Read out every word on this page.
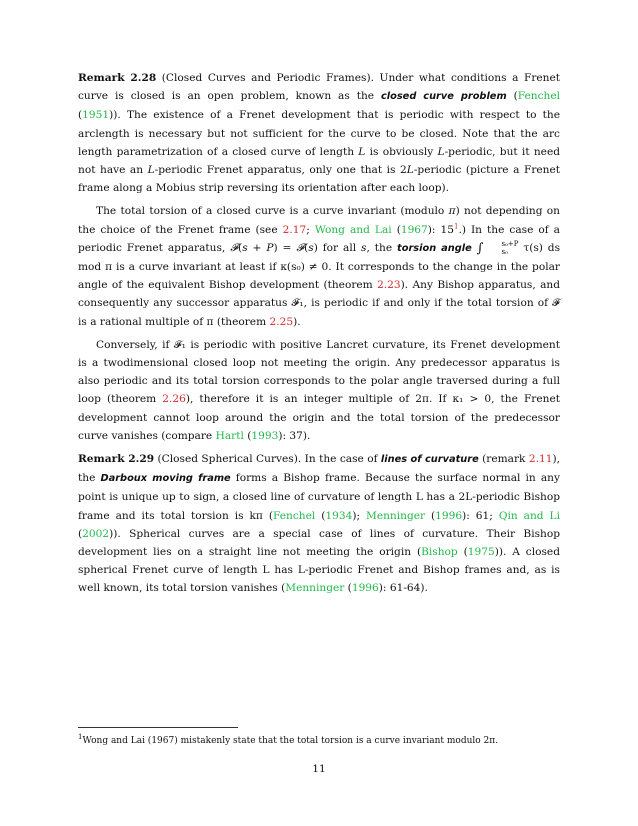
Remark 2.28 (Closed Curves and Periodic Frames). Under what conditions a Frenet curve is closed is an open problem, known as the closed curve problem (Fenchel (1951)). The existence of a Frenet development that is periodic with respect to the arclength is necessary but not sufficient for the curve to be closed. Note that the arc length parametrization of a closed curve of length L is obviously L-periodic, but it need not have an L-periodic Frenet apparatus, only one that is 2L-periodic (picture a Frenet frame along a Mobius strip reversing its orientation after each loop).

The total torsion of a closed curve is a curve invariant (modulo π) not depending on the choice of the Frenet frame (see 2.17; Wong and Lai (1967): 15$^1$.) In the case of a periodic Frenet apparatus, 𝓕(s + P) = 𝓕(s) for all s, the torsion angle ∫	s₀+P
s₀ τ(s) ds mod π is a curve invariant at least if κ(s₀) ≠ 0. It corresponds to the change in the polar angle of the equivalent Bishop development (theorem 2.23). Any Bishop apparatus, and consequently any successor apparatus 𝓕₁, is periodic if and only if the total torsion of 𝓕 is a rational multiple of π (theorem 2.25).

Conversely, if 𝓕₁ is periodic with positive Lancret curvature, its Frenet development is a twodimensional closed loop not meeting the origin. Any predecessor apparatus is also periodic and its total torsion corresponds to the polar angle traversed during a full loop (theorem 2.26), therefore it is an integer multiple of 2π. If κ₁ > 0, the Frenet development cannot loop around the origin and the total torsion of the predecessor curve vanishes (compare Hartl (1993): 37).

Remark 2.29 (Closed Spherical Curves). In the case of lines of curvature (remark 2.11), the Darboux moving frame forms a Bishop frame. Because the surface normal in any point is unique up to sign, a closed line of curvature of length L has a 2L-periodic Bishop frame and its total torsion is kπ (Fenchel (1934); Menninger (1996): 61; Qin and Li (2002)). Spherical curves are a special case of lines of curvature. Their Bishop development lies on a straight line not meeting the origin (Bishop (1975)). A closed spherical Frenet curve of length L has L-periodic Frenet and Bishop frames and, as is well known, its total torsion vanishes (Menninger (1996): 61-64).

$^1$Wong and Lai (1967) mistakenly state that the total torsion is a curve invariant modulo 2π.
11
